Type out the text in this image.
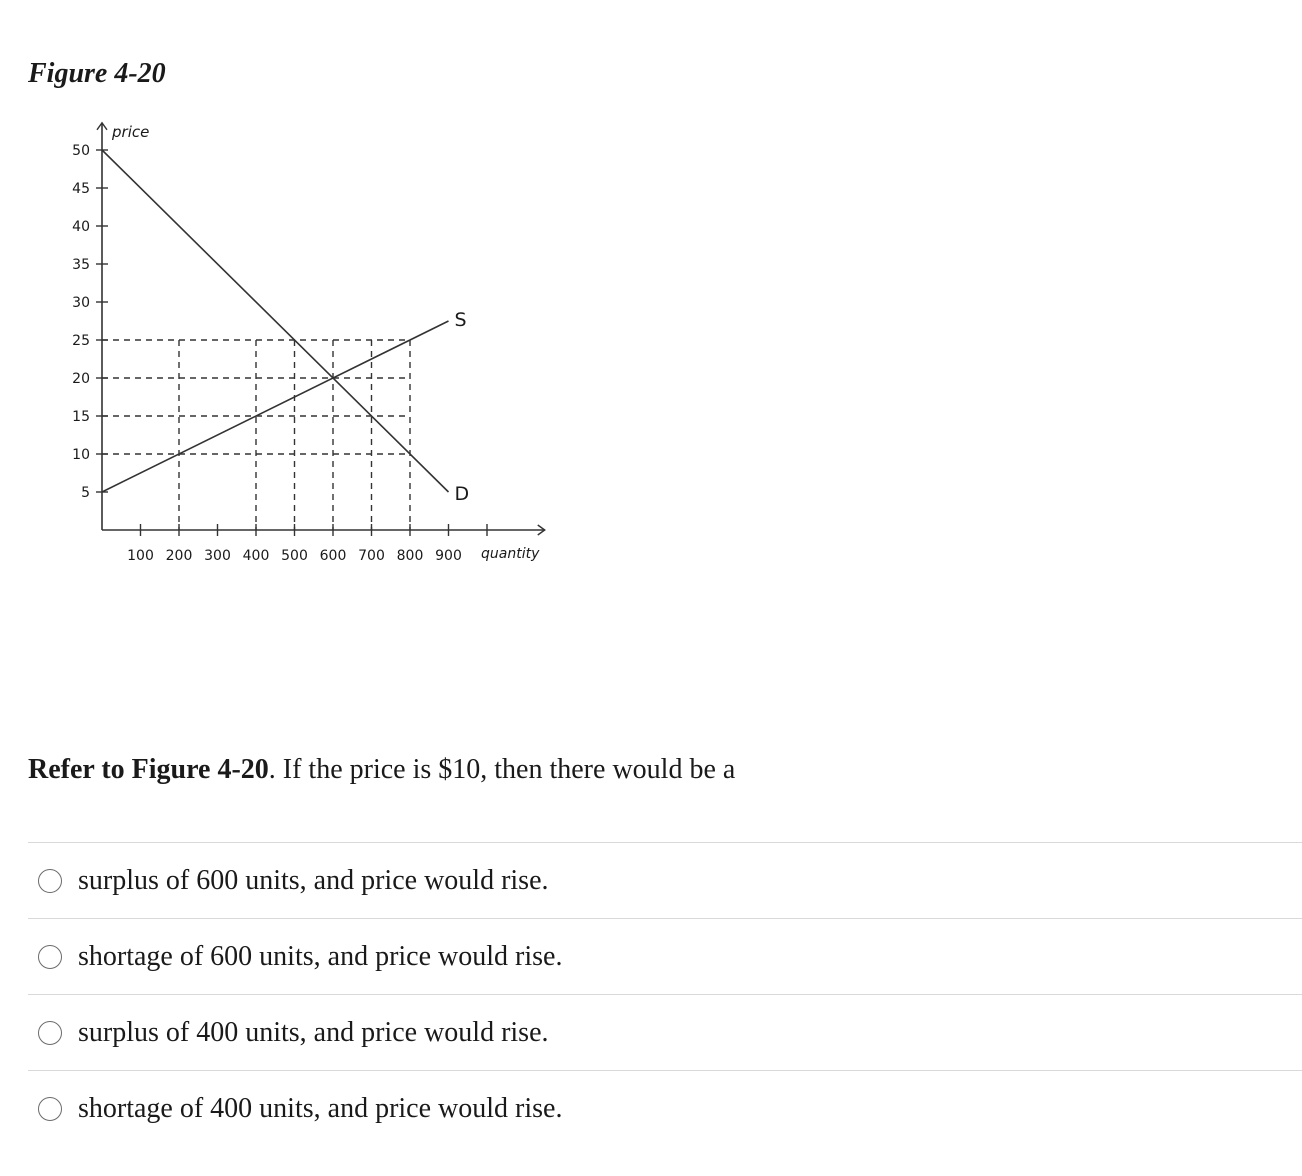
Figure 4-20
5
10
15
20
25
30
35
40
45
50
100 200 300 400 500 600 700 800 900
price
quantity
S
D

Refer to Figure 4-20. If the price is $10, then there would be a

surplus of 600 units, and price would rise.
shortage of 600 units, and price would rise.
surplus of 400 units, and price would rise.
shortage of 400 units, and price would rise.
